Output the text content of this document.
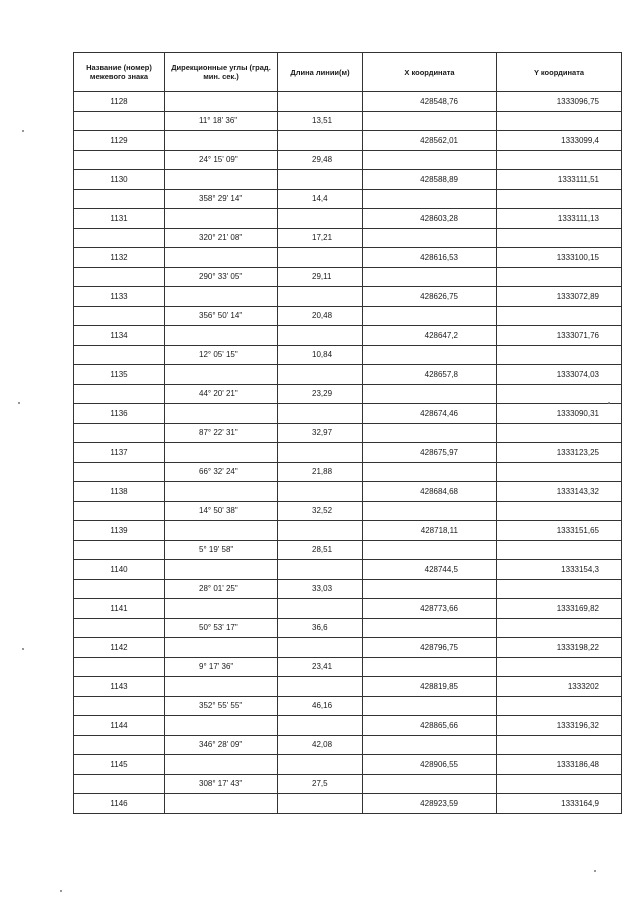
Название (номер) межевого знака	Дирекционные углы (град. мин. сек.)	Длина линии(м)	X координата	Y координата
1128			428548,76	1333096,75
	11° 18' 36"	13,51		
1129			428562,01	1333099,4
	24° 15' 09"	29,48		
1130			428588,89	1333111,51
	358° 29' 14"	14,4		
1131			428603,28	1333111,13
	320° 21' 08"	17,21		
1132			428616,53	1333100,15
	290° 33' 05"	29,11		
1133			428626,75	1333072,89
	356° 50' 14"	20,48		
1134			428647,2	1333071,76
	12° 05' 15"	10,84		
1135			428657,8	1333074,03
	44° 20' 21"	23,29		
1136			428674,46	1333090,31
	87° 22' 31"	32,97		
1137			428675,97	1333123,25
	66° 32' 24"	21,88		
1138			428684,68	1333143,32
	14° 50' 38"	32,52		
1139			428718,11	1333151,65
	5° 19' 58"	28,51		
1140			428744,5	1333154,3
	28° 01' 25"	33,03		
1141			428773,66	1333169,82
	50° 53' 17"	36,6		
1142			428796,75	1333198,22
	9° 17' 36"	23,41		
1143			428819,85	1333202
	352° 55' 55"	46,16		
1144			428865,66	1333196,32
	346° 28' 09"	42,08		
1145			428906,55	1333186,48
	308° 17' 43"	27,5		
1146			428923,59	1333164,9
